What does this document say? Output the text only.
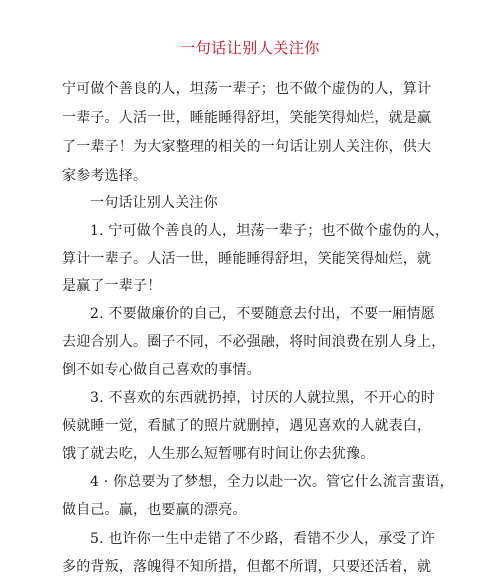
一句话让别人关注你
宁可做个善良的人，坦荡一辈子；也不做个虚伪的人，算计
一辈子。人活一世，睡能睡得舒坦，笑能笑得灿烂，就是赢
了一辈子！为大家整理的相关的一句话让别人关注你，供大
家参考选择。
一句话让别人关注你
1. 宁可做个善良的人，坦荡一辈子；也不做个虚伪的人，
算计一辈子。人活一世，睡能睡得舒坦，笑能笑得灿烂，就
是赢了一辈子！
2. 不要做廉价的自己，不要随意去付出，不要一厢情愿
去迎合别人。圈子不同，不必强融，将时间浪费在别人身上，
倒不如专心做自己喜欢的事情。
3. 不喜欢的东西就扔掉，讨厌的人就拉黑，不开心的时
候就睡一觉，看腻了的照片就删掉，遇见喜欢的人就表白，
饿了就去吃，人生那么短暂哪有时间让你去犹豫。
4 · 你总要为了梦想，全力以赴一次。管它什么流言蜚语，
做自己。赢，也要赢的漂亮。
5. 也许你一生中走错了不少路，看错不少人，承受了许
多的背叛，落魄得不知所措，但都不所谓，只要还活着，就
